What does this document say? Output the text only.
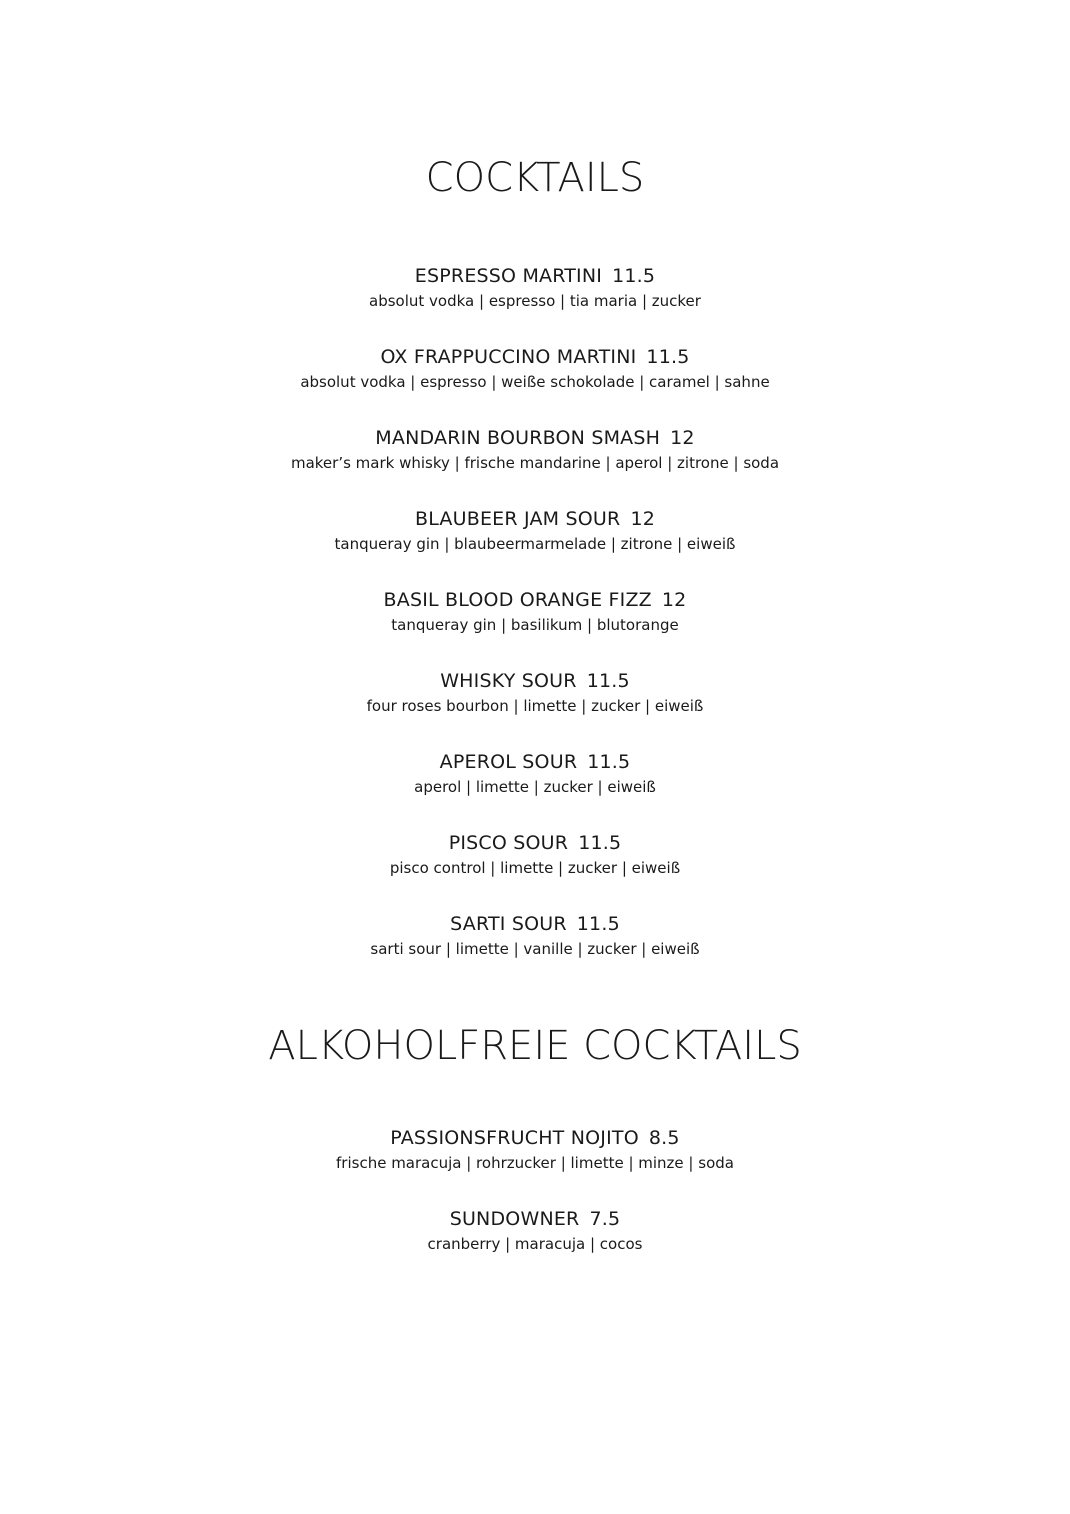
COCKTAILS
ESPRESSO MARTINI 11.5
absolut vodka | espresso | tia maria | zucker
OX FRAPPUCCINO MARTINI 11.5
absolut vodka | espresso | weiße schokolade | caramel | sahne
MANDARIN BOURBON SMASH 12
maker’s mark whisky | frische mandarine | aperol | zitrone | soda
BLAUBEER JAM SOUR 12
tanqueray gin | blaubeermarmelade | zitrone | eiweiß
BASIL BLOOD ORANGE FIZZ 12
tanqueray gin | basilikum | blutorange
WHISKY SOUR 11.5
four roses bourbon | limette | zucker | eiweiß
APEROL SOUR 11.5
aperol | limette | zucker | eiweiß
PISCO SOUR 11.5
pisco control | limette | zucker | eiweiß
SARTI SOUR 11.5
sarti sour | limette | vanille | zucker | eiweiß
ALKOHOLFREIE COCKTAILS
PASSIONSFRUCHT NOJITO 8.5
frische maracuja | rohrzucker | limette | minze | soda
SUNDOWNER 7.5
cranberry | maracuja | cocos
